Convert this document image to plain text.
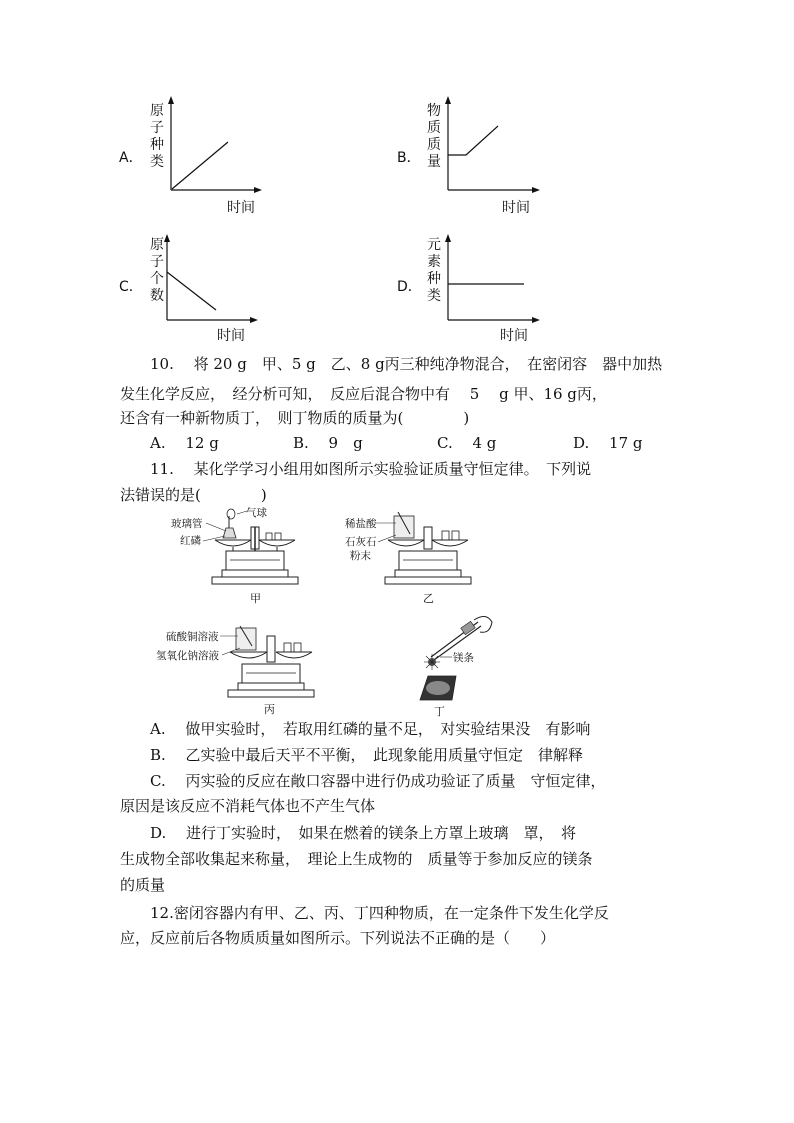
A．
原
子
种
类
时间
B．
物
质
质
量
时间
C．
原
子
个
数
时间
D．
元
素
种
类
时间
10.　 将 20 g　甲、5 g　乙、8 g丙三种纯净物混合，　在密闭容　器中加热
发生化学反应，　经分析可知，　反应后混合物中有　 5　 g 甲、16 g丙，
还含有一种新物质丁，　则丁物质的质量为(　　　　)
A.　 12 g	B.　 9　g	C.　 4 g	D.　 17 g
11.　 某化学学习小组用如图所示实验验证质量守恒定律。　下列说
法错误的是(　　　　)
玻璃管
气球
红磷
甲
稀盐酸
石灰石
粉末
乙
硫酸铜溶液
氢氧化钠溶液
丙
镁条
丁
A.　 做甲实验时，　若取用红磷的量不足，　对实验结果没　有影响
B.　 乙实验中最后天平不平衡，　此现象能用质量守恒定　律解释
C.　 丙实验的反应在敞口容器中进行仍成功验证了质量　守恒定律，
原因是该反应不消耗气体也不产生气体
D.　 进行丁实验时，　如果在燃着的镁条上方罩上玻璃　罩，　将
生成物全部收集起来称量，　理论上生成物的　质量等于参加反应的镁条
的质量
12.密闭容器内有甲、乙、丙、丁四种物质，在一定条件下发生化学反
应，反应前后各物质质量如图所示。下列说法不正确的是（　　）
